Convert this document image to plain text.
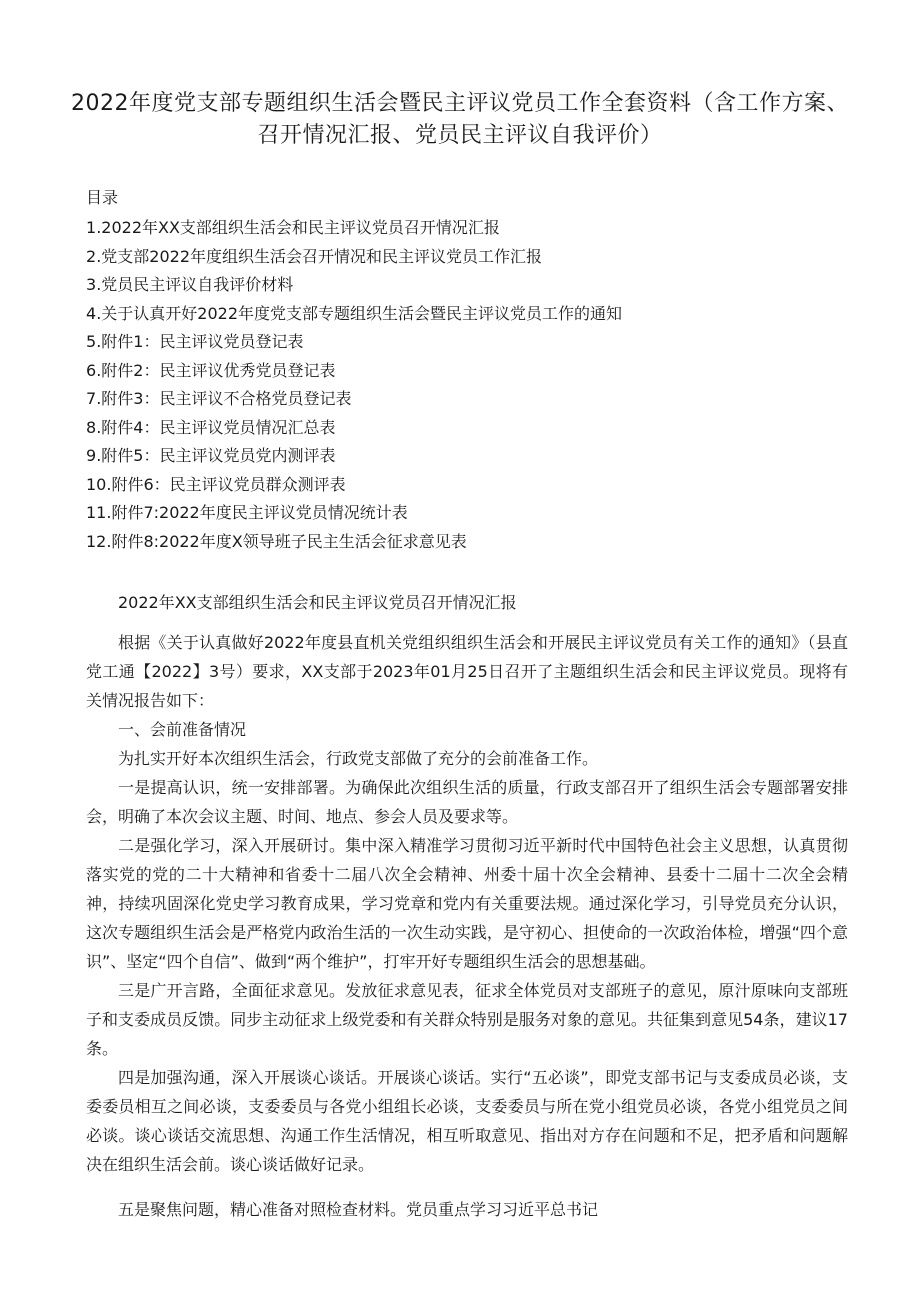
2022年度党支部专题组织生活会暨民主评议党员工作全套资料（含工作方案、召开情况汇报、党员民主评议自我评价）
目录
1.2022年XX支部组织生活会和民主评议党员召开情况汇报
2.党支部2022年度组织生活会召开情况和民主评议党员工作汇报
3.党员民主评议自我评价材料
4.关于认真开好2022年度党支部专题组织生活会暨民主评议党员工作的通知
5.附件1：民主评议党员登记表
6.附件2：民主评议优秀党员登记表
7.附件3：民主评议不合格党员登记表
8.附件4：民主评议党员情况汇总表
9.附件5：民主评议党员党内测评表
10.附件6：民主评议党员群众测评表
11.附件7:2022年度民主评议党员情况统计表
12.附件8:2022年度X领导班子民主生活会征求意见表
2022年XX支部组织生活会和民主评议党员召开情况汇报

根据《关于认真做好2022年度县直机关党组织组织生活会和开展民主评议党员有关工作的通知》（县直党工通【2022】3号）要求，XX支部于2023年01月25日召开了主题组织生活会和民主评议党员。现将有关情况报告如下：

一、会前准备情况

为扎实开好本次组织生活会，行政党支部做了充分的会前准备工作。

一是提高认识，统一安排部署。为确保此次组织生活的质量，行政支部召开了组织生活会专题部署安排会，明确了本次会议主题、时间、地点、参会人员及要求等。

二是强化学习，深入开展研讨。集中深入精准学习贯彻习近平新时代中国特色社会主义思想，认真贯彻落实党的党的二十大精神和省委十二届八次全会精神、州委十届十次全会精神、县委十二届十二次全会精神，持续巩固深化党史学习教育成果，学习党章和党内有关重要法规。通过深化学习，引导党员充分认识，这次专题组织生活会是严格党内政治生活的一次生动实践，是守初心、担使命的一次政治体检，增强“四个意识”、坚定“四个自信”、做到“两个维护”，打牢开好专题组织生活会的思想基础。

三是广开言路，全面征求意见。发放征求意见表，征求全体党员对支部班子的意见，原汁原味向支部班子和支委成员反馈。同步主动征求上级党委和有关群众特别是服务对象的意见。共征集到意见54条，建议17条。

四是加强沟通，深入开展谈心谈话。开展谈心谈话。实行“五必谈”，即党支部书记与支委成员必谈，支委委员相互之间必谈，支委委员与各党小组组长必谈，支委委员与所在党小组党员必谈，各党小组党员之间必谈。谈心谈话交流思想、沟通工作生活情况，相互听取意见、指出对方存在问题和不足，把矛盾和问题解决在组织生活会前。谈心谈话做好记录。

五是聚焦问题，精心准备对照检查材料。党员重点学习习近平总书记
